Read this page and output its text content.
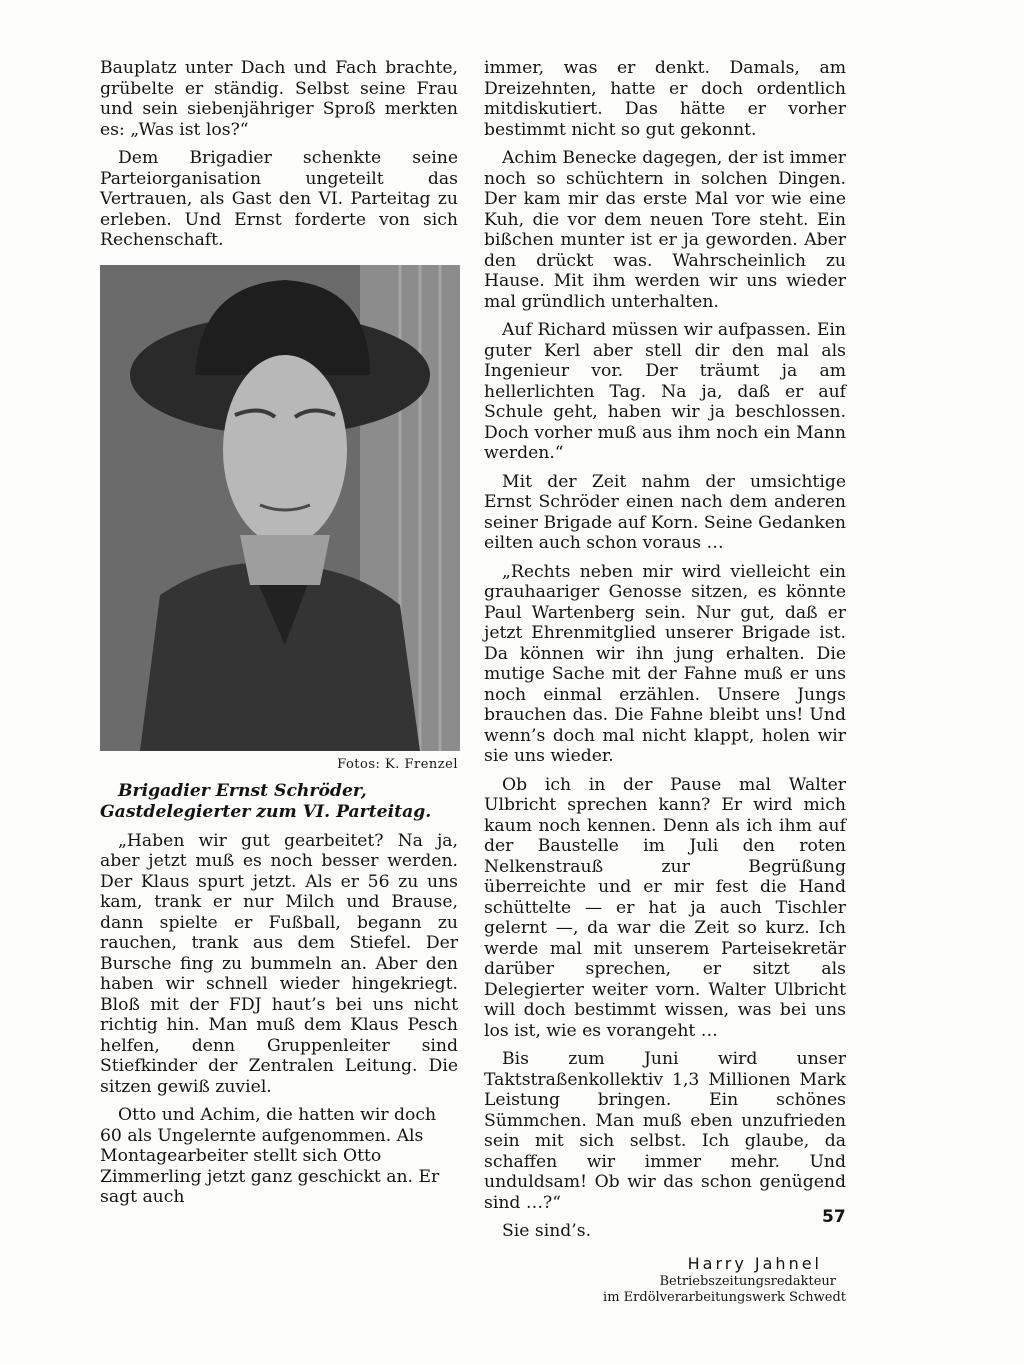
Bauplatz unter Dach und Fach brachte, grübelte er ständig. Selbst seine Frau und sein siebenjähriger Sproß merkten es: „Was ist los?“

Dem Brigadier schenkte seine Parteiorganisation ungeteilt das Vertrauen, als Gast den VI. Parteitag zu erleben. Und Ernst forderte von sich Rechenschaft.

Fotos: K. Frenzel

Brigadier Ernst Schröder, Gastdelegierter zum VI. Parteitag.

„Haben wir gut gearbeitet? Na ja, aber jetzt muß es noch besser werden. Der Klaus spurt jetzt. Als er 56 zu uns kam, trank er nur Milch und Brause, dann spielte er Fußball, begann zu rauchen, trank aus dem Stiefel. Der Bursche fing zu bummeln an. Aber den haben wir schnell wieder hingekriegt. Bloß mit der FDJ haut’s bei uns nicht richtig hin. Man muß dem Klaus Pesch helfen, denn Gruppenleiter sind Stiefkinder der Zentralen Leitung. Die sitzen gewiß zuviel.

Otto und Achim, die hatten wir doch 60 als Ungelernte aufgenommen. Als Montagearbeiter stellt sich Otto Zimmerling jetzt ganz geschickt an. Er sagt auch

immer, was er denkt. Damals, am Dreizehnten, hatte er doch ordentlich mitdiskutiert. Das hätte er vorher bestimmt nicht so gut gekonnt.

Achim Benecke dagegen, der ist immer noch so schüchtern in solchen Dingen. Der kam mir das erste Mal vor wie eine Kuh, die vor dem neuen Tore steht. Ein bißchen munter ist er ja geworden. Aber den drückt was. Wahrscheinlich zu Hause. Mit ihm werden wir uns wieder mal gründlich unterhalten.

Auf Richard müssen wir aufpassen. Ein guter Kerl aber stell dir den mal als Ingenieur vor. Der träumt ja am hellerlichten Tag. Na ja, daß er auf Schule geht, haben wir ja beschlossen. Doch vorher muß aus ihm noch ein Mann werden.“

Mit der Zeit nahm der umsichtige Ernst Schröder einen nach dem anderen seiner Brigade auf Korn. Seine Gedanken eilten auch schon voraus …

„Rechts neben mir wird vielleicht ein grauhaariger Genosse sitzen, es könnte Paul Wartenberg sein. Nur gut, daß er jetzt Ehrenmitglied unserer Brigade ist. Da können wir ihn jung erhalten. Die mutige Sache mit der Fahne muß er uns noch einmal erzählen. Unsere Jungs brauchen das. Die Fahne bleibt uns! Und wenn’s doch mal nicht klappt, holen wir sie uns wieder.

Ob ich in der Pause mal Walter Ulbricht sprechen kann? Er wird mich kaum noch kennen. Denn als ich ihm auf der Baustelle im Juli den roten Nelkenstrauß zur Begrüßung überreichte und er mir fest die Hand schüttelte — er hat ja auch Tischler gelernt —, da war die Zeit so kurz. Ich werde mal mit unserem Parteisekretär darüber sprechen, er sitzt als Delegierter weiter vorn. Walter Ulbricht will doch bestimmt wissen, was bei uns los ist, wie es vorangeht …

Bis zum Juni wird unser Taktstraßenkollektiv 1,3 Millionen Mark Leistung bringen. Ein schönes Sümmchen. Man muß eben unzufrieden sein mit sich selbst. Ich glaube, da schaffen wir immer mehr. Und unduldsam! Ob wir das schon genügend sind …?“

Sie sind’s.

Harry Jahnel
Betriebszeitungsredakteur
im Erdölverarbeitungswerk Schwedt
57
